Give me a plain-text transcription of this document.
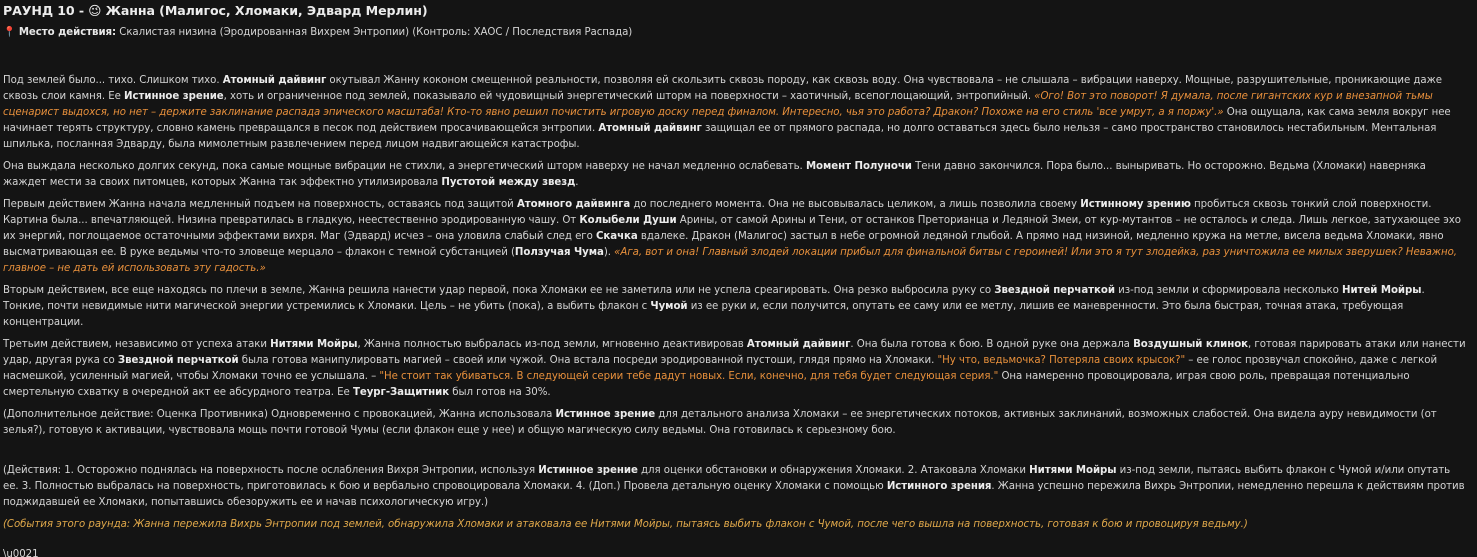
РАУНД 10 - 😉 Жанна (Малигос, Хломаки, Эдвард Мерлин)
📍 Место действия: Скалистая низина (Эродированная Вихрем Энтропии) (Контроль: ХАОС / Последствия Распада)

Под землей было... тихо. Слишком тихо. Атомный дайвинг окутывал Жанну коконом смещенной реальности, позволяя ей скользить сквозь породу, как сквозь воду. Она чувствовала – не слышала – вибрации наверху. Мощные, разрушительные, проникающие даже сквозь слои камня. Ее Истинное зрение, хоть и ограниченное под землей, показывало ей чудовищный энергетический шторм на поверхности – хаотичный, всепоглощающий, энтропийный. «Ого! Вот это поворот! Я думала, после гигантских кур и внезапной тьмы сценарист выдохся, но нет – держите заклинание распада эпического масштаба! Кто-то явно решил почистить игровую доску перед финалом. Интересно, чья это работа? Дракон? Похоже на его стиль 'все умрут, а я поржу'.» Она ощущала, как сама земля вокруг нее начинает терять структуру, словно камень превращался в песок под действием просачивающейся энтропии. Атомный дайвинг защищал ее от прямого распада, но долго оставаться здесь было нельзя – само пространство становилось нестабильным. Ментальная шпилька, посланная Эдварду, была мимолетным развлечением перед лицом надвигающейся катастрофы.

Она выждала несколько долгих секунд, пока самые мощные вибрации не стихли, а энергетический шторм наверху не начал медленно ослабевать. Момент Полуночи Тени давно закончился. Пора было... выныривать. Но осторожно. Ведьма (Хломаки) наверняка жаждет мести за своих питомцев, которых Жанна так эффектно утилизировала Пустотой между звезд.

Первым действием Жанна начала медленный подъем на поверхность, оставаясь под защитой Атомного дайвинга до последнего момента. Она не высовывалась целиком, а лишь позволила своему Истинному зрению пробиться сквозь тонкий слой поверхности. Картина была... впечатляющей. Низина превратилась в гладкую, неестественно эродированную чашу. От Колыбели Души Арины, от самой Арины и Тени, от останков Преторианца и Ледяной Змеи, от кур-мутантов – не осталось и следа. Лишь легкое, затухающее эхо их энергий, поглощаемое остаточными эффектами вихря. Маг (Эдвард) исчез – она уловила слабый след его Скачка вдалеке. Дракон (Малигос) застыл в небе огромной ледяной глыбой. А прямо над низиной, медленно кружа на метле, висела ведьма Хломаки, явно высматривающая ее. В руке ведьмы что-то зловеще мерцало – флакон с темной субстанцией (Ползучая Чума). «Ага, вот и она! Главный злодей локации прибыл для финальной битвы с героиней! Или это я тут злодейка, раз уничтожила ее милых зверушек? Неважно, главное – не дать ей использовать эту гадость.»

Вторым действием, все еще находясь по плечи в земле, Жанна решила нанести удар первой, пока Хломаки ее не заметила или не успела среагировать. Она резко выбросила руку со Звездной перчаткой из-под земли и сформировала несколько Нитей Мойры. Тонкие, почти невидимые нити магической энергии устремились к Хломаки. Цель – не убить (пока), а выбить флакон с Чумой из ее руки и, если получится, опутать ее саму или ее метлу, лишив ее маневренности. Это была быстрая, точная атака, требующая концентрации.

Третьим действием, независимо от успеха атаки Нитями Мойры, Жанна полностью выбралась из-под земли, мгновенно деактивировав Атомный дайвинг. Она была готова к бою. В одной руке она держала Воздушный клинок, готовая парировать атаки или нанести удар, другая рука со Звездной перчаткой была готова манипулировать магией – своей или чужой. Она встала посреди эродированной пустоши, глядя прямо на Хломаки. "Ну что, ведьмочка? Потеряла своих крысок?" – ее голос прозвучал спокойно, даже с легкой насмешкой, усиленный магией, чтобы Хломаки точно ее услышала. – "Не стоит так убиваться. В следующей серии тебе дадут новых. Если, конечно, для тебя будет следующая серия." Она намеренно провоцировала, играя свою роль, превращая потенциально смертельную схватку в очередной акт ее абсурдного театра. Ее Теург-Защитник был готов на 30%.

(Дополнительное действие: Оценка Противника) Одновременно с провокацией, Жанна использовала Истинное зрение для детального анализа Хломаки – ее энергетических потоков, активных заклинаний, возможных слабостей. Она видела ауру невидимости (от зелья?), готовую к активации, чувствовала мощь почти готовой Чумы (если флакон еще у нее) и общую магическую силу ведьмы. Она готовилась к серьезному бою.

(Действия: 1. Осторожно поднялась на поверхность после ослабления Вихря Энтропии, используя Истинное зрение для оценки обстановки и обнаружения Хломаки. 2. Атаковала Хломаки Нитями Мойры из-под земли, пытаясь выбить флакон с Чумой и/или опутать ее. 3. Полностью выбралась на поверхность, приготовилась к бою и вербально спровоцировала Хломаки. 4. (Доп.) Провела детальную оценку Хломаки с помощью Истинного зрения. Жанна успешно пережила Вихрь Энтропии, немедленно перешла к действиям против поджидавшей ее Хломаки, попытавшись обезоружить ее и начав психологическую игру.)

(События этого раунда: Жанна пережила Вихрь Энтропии под землей, обнаружила Хломаки и атаковала ее Нитями Мойры, пытаясь выбить флакон с Чумой, после чего вышла на поверхность, готовая к бою и провоцируя ведьму.)

\u0021
